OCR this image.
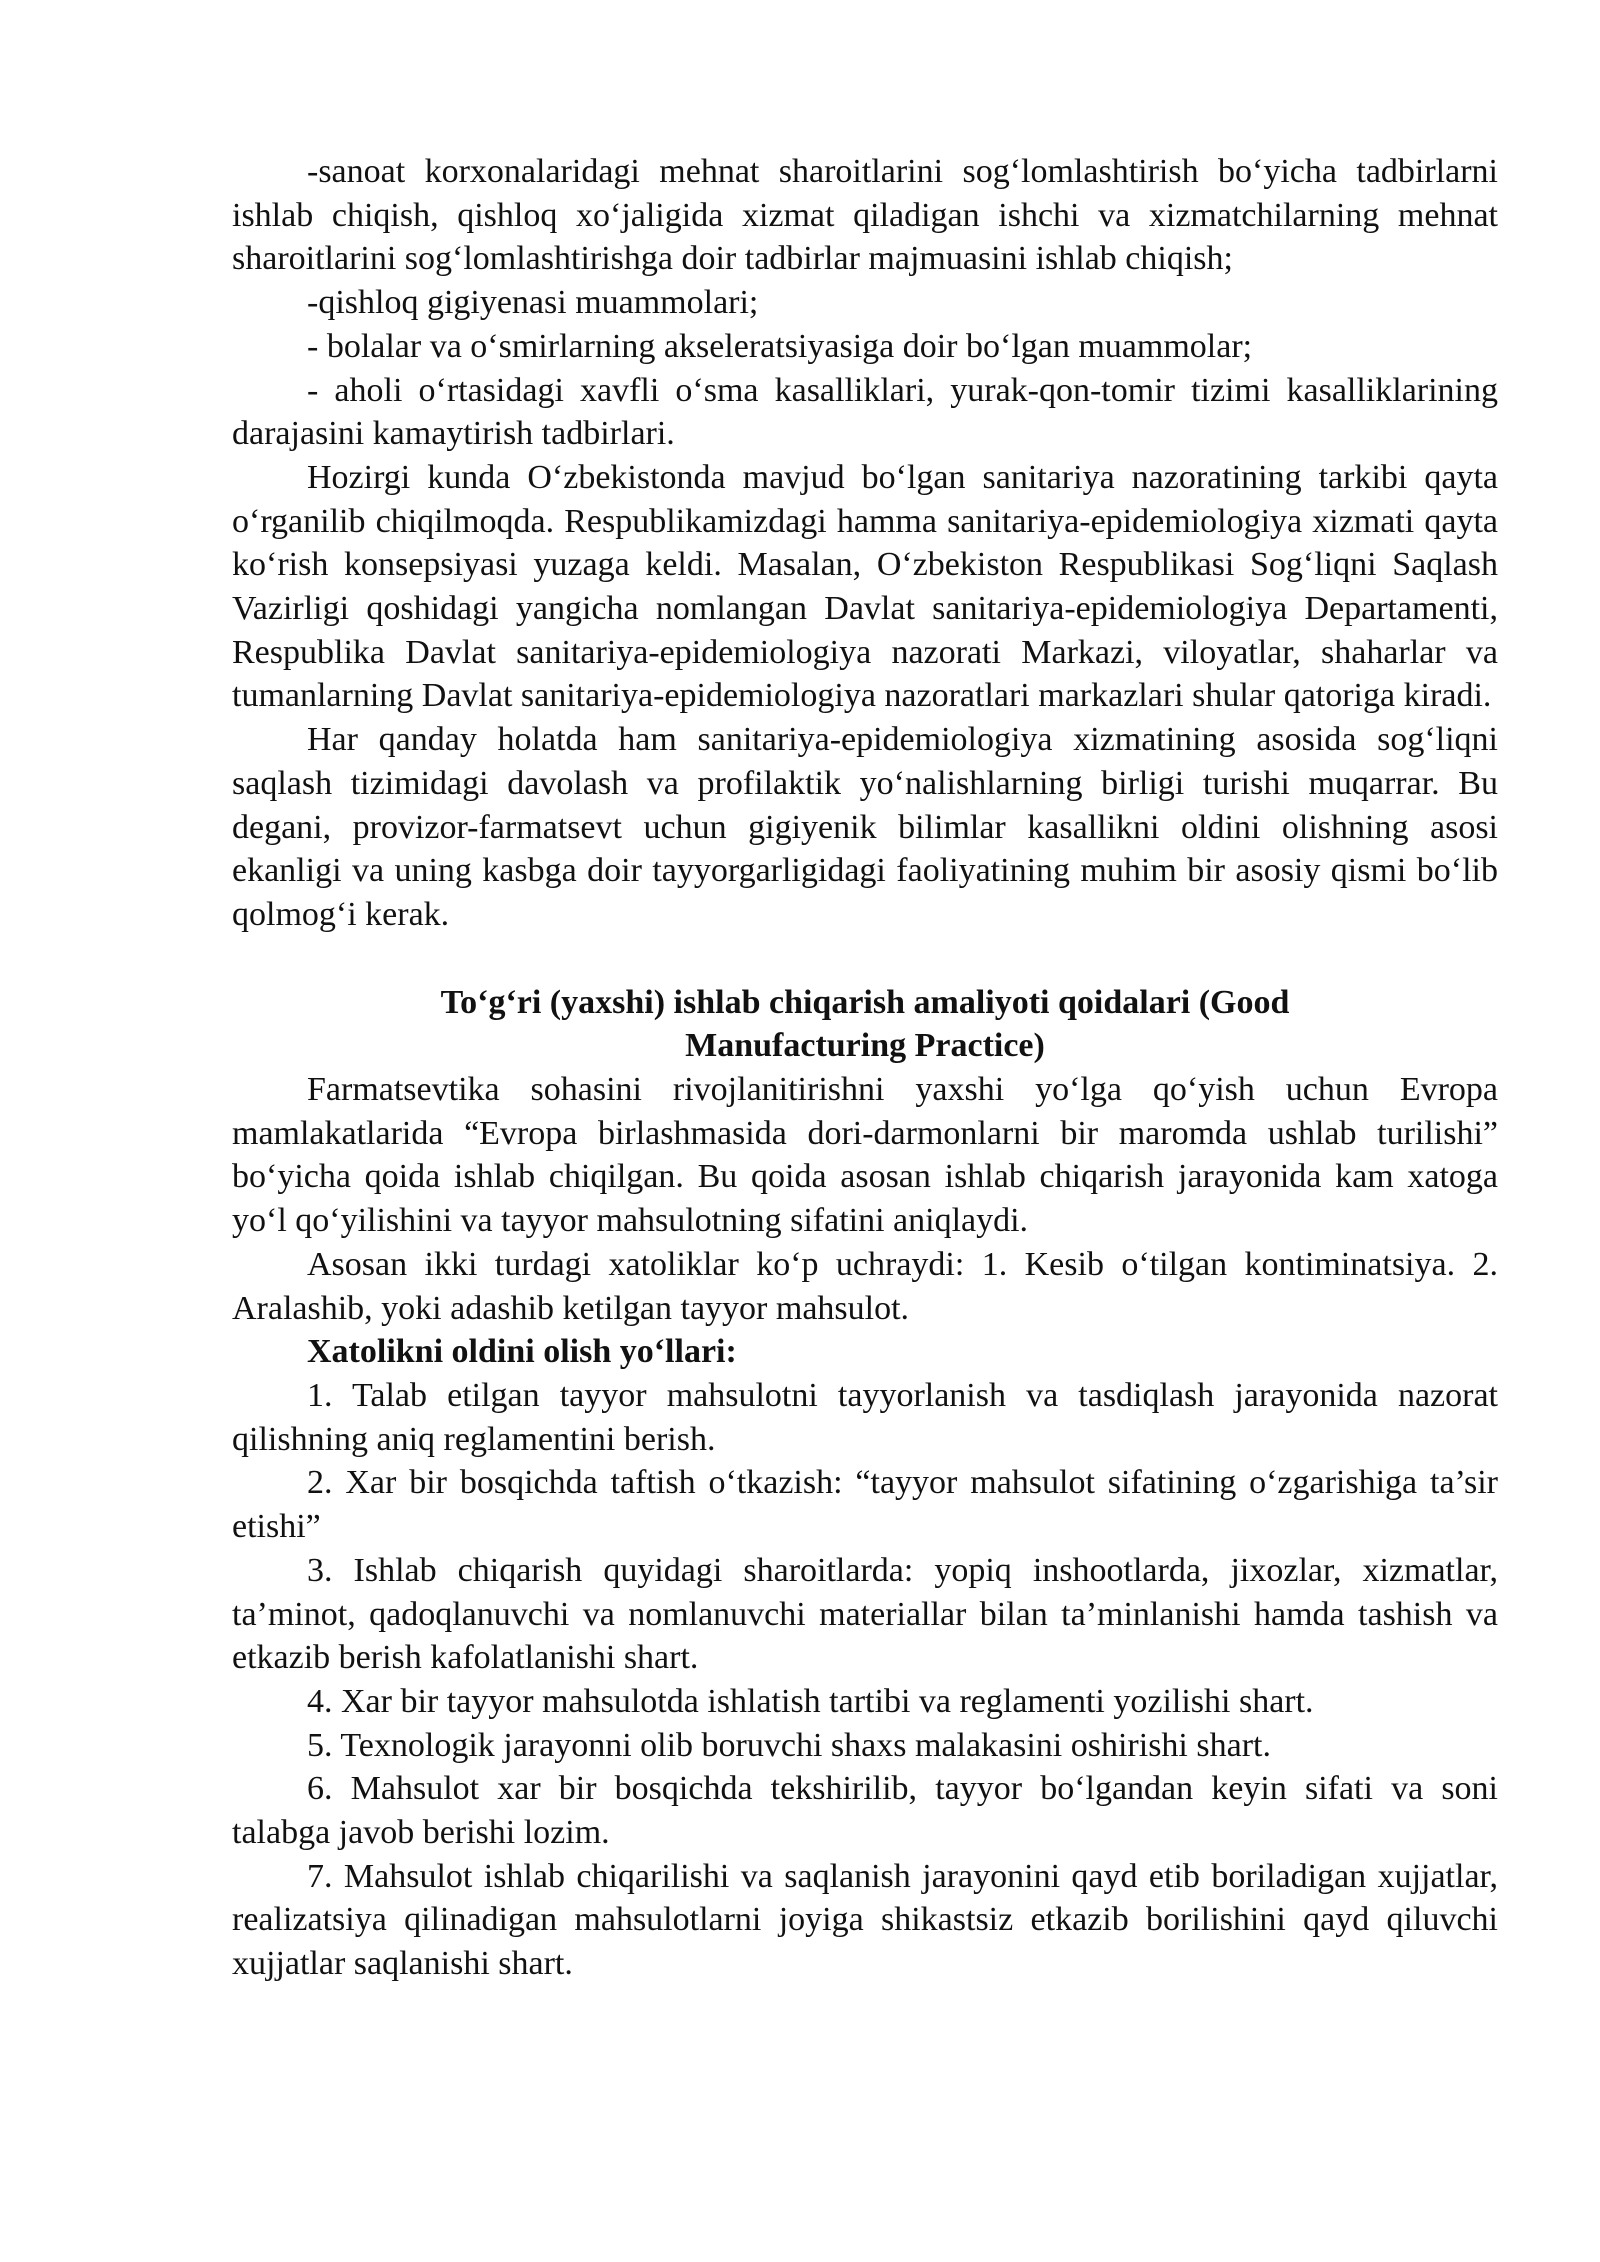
-sanoat korxonalaridagi mehnat sharoitlarini sog‘lomlashtirish bo‘yicha tadbirlarni ishlab chiqish, qishloq xo‘jaligida xizmat qiladigan ishchi va xizmatchilarning mehnat sharoitlarini sog‘lomlashtirishga doir tadbirlar majmuasini ishlab chiqish;

-qishloq gigiyenasi muammolari;

- bolalar va o‘smirlarning akseleratsiyasiga doir bo‘lgan muammolar;

- aholi o‘rtasidagi xavfli o‘sma kasalliklari, yurak-qon-tomir tizimi kasalliklarining darajasini kamaytirish tadbirlari.

Hozirgi kunda O‘zbekistonda mavjud bo‘lgan sanitariya nazoratining tarkibi qayta o‘rganilib chiqilmoqda. Respublikamizdagi hamma sanitariya-epidemiologiya xizmati qayta ko‘rish konsepsiyasi yuzaga keldi. Masalan, O‘zbekiston Respublikasi Sog‘liqni Saqlash Vazirligi qoshidagi yangicha nomlangan Davlat sanitariya-epidemiologiya Departamenti, Respublika Davlat sanitariya-epidemiologiya nazorati Markazi, viloyatlar, shaharlar va tumanlarning Davlat sanitariya-epidemiologiya nazoratlari markazlari shular qatoriga kiradi.

Har qanday holatda ham sanitariya-epidemiologiya xizmatining asosida sog‘liqni saqlash tizimidagi davolash va profilaktik yo‘nalishlarning birligi turishi muqarrar. Bu degani, provizor-farmatsevt uchun gigiyenik bilimlar kasallikni oldini olishning asosi ekanligi va uning kasbga doir tayyorgarligidagi faoliyatining muhim bir asosiy qismi bo‘lib qolmog‘i kerak.

To‘g‘ri (yaxshi) ishlab chiqarish amaliyoti qoidalari (Good Manufacturing Practice)

Farmatsevtika sohasini rivojlanitirishni yaxshi yo‘lga qo‘yish uchun Evropa mamlakatlarida “Evropa birlashmasida dori-darmonlarni bir maromda ushlab turilishi” bo‘yicha qoida ishlab chiqilgan. Bu qoida asosan ishlab chiqarish jarayonida kam xatoga yo‘l qo‘yilishini va tayyor mahsulotning sifatini aniqlaydi.

Asosan ikki turdagi xatoliklar ko‘p uchraydi: 1. Kesib o‘tilgan kontiminatsiya. 2. Aralashib, yoki adashib ketilgan tayyor mahsulot.

Xatolikni oldini olish yo‘llari:

1. Talab etilgan tayyor mahsulotni tayyorlanish va tasdiqlash jarayonida nazorat qilishning aniq reglamentini berish.

2. Xar bir bosqichda taftish o‘tkazish: “tayyor mahsulot sifatining o‘zgarishiga ta’sir etishi”

3. Ishlab chiqarish quyidagi sharoitlarda: yopiq inshootlarda, jixozlar, xizmatlar, ta’minot, qadoqlanuvchi va nomlanuvchi materiallar bilan ta’minlanishi hamda tashish va etkazib berish kafolatlanishi shart.

4. Xar bir tayyor mahsulotda ishlatish tartibi va reglamenti yozilishi shart.

5. Texnologik jarayonni olib boruvchi shaxs malakasini oshirishi shart.

6. Mahsulot xar bir bosqichda tekshirilib, tayyor bo‘lgandan keyin sifati va soni talabga javob berishi lozim.

7. Mahsulot ishlab chiqarilishi va saqlanish jarayonini qayd etib boriladigan xujjatlar, realizatsiya qilinadigan mahsulotlarni joyiga shikastsiz etkazib borilishini qayd qiluvchi xujjatlar saqlanishi shart.
